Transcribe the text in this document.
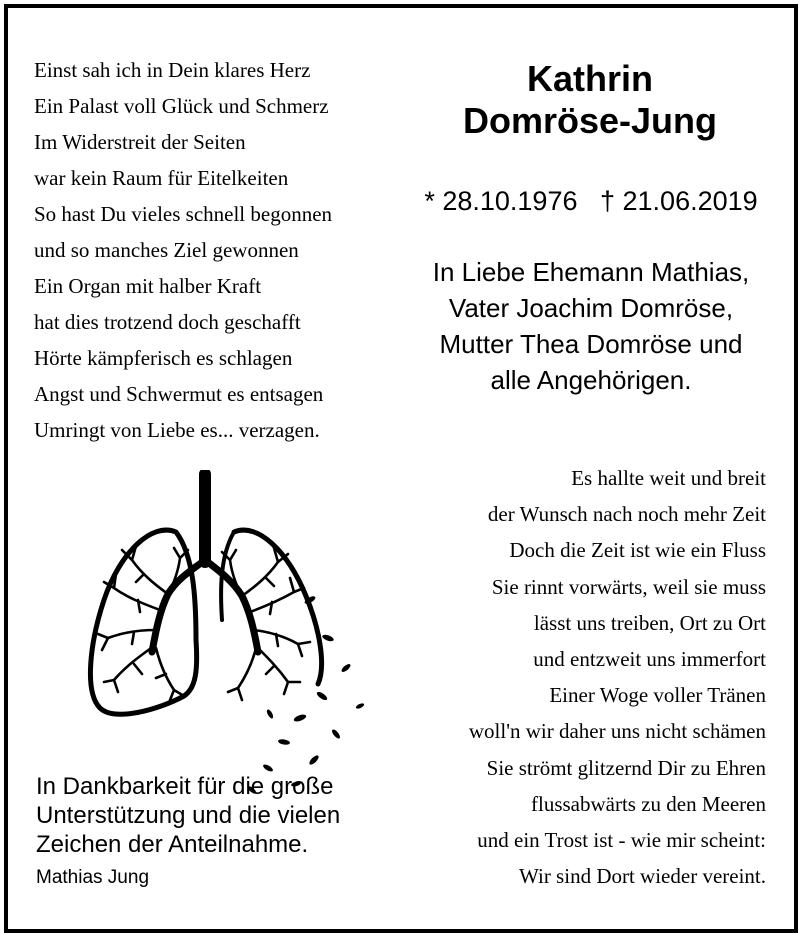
Einst sah ich in Dein klares Herz
Ein Palast voll Glück und Schmerz
Im Widerstreit der Seiten
war kein Raum für Eitelkeiten
So hast Du vieles schnell begonnen
und so manches Ziel gewonnen
Ein Organ mit halber Kraft
hat dies trotzend doch geschafft
Hörte kämpferisch es schlagen
Angst und Schwermut es entsagen
Umringt von Liebe es... verzagen.
Kathrin
Domröse-Jung
* 28.10.1976 † 21.06.2019
In Liebe Ehemann Mathias,
Vater Joachim Domröse,
Mutter Thea Domröse und
alle Angehörigen.
Es hallte weit und breit
der Wunsch nach noch mehr Zeit
Doch die Zeit ist wie ein Fluss
Sie rinnt vorwärts, weil sie muss
lässt uns treiben, Ort zu Ort
und entzweit uns immerfort
Einer Woge voller Tränen
woll'n wir daher uns nicht schämen
Sie strömt glitzernd Dir zu Ehren
flussabwärts zu den Meeren
und ein Trost ist - wie mir scheint:
Wir sind Dort wieder vereint.
In Dankbarkeit für die große
Unterstützung und die vielen
Zeichen der Anteilnahme.
Mathias Jung
